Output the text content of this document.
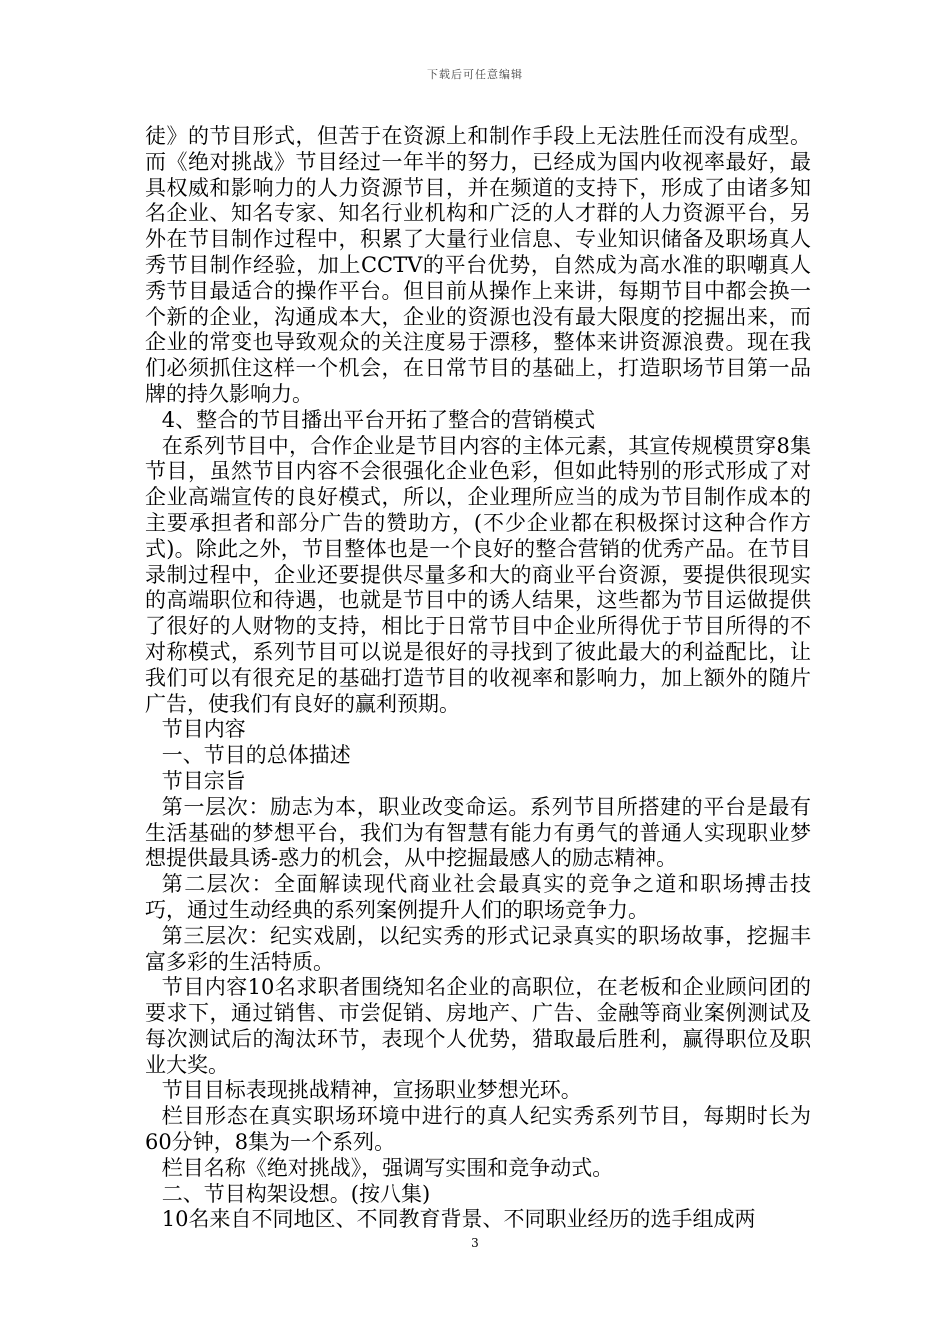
下载后可任意编辑

徒》的节目形式，但苦于在资源上和制作手段上无法胜任而没有成型。而《绝对挑战》节目经过一年半的努力，已经成为国内收视率最好，最具权威和影响力的人力资源节目，并在频道的支持下，形成了由诸多知名企业、知名专家、知名行业机构和广泛的人才群的人力资源平台，另外在节目制作过程中，积累了大量行业信息、专业知识储备及职场真人秀节目制作经验，加上CCTV的平台优势，自然成为高水准的职嘲真人秀节目最适合的操作平台。但目前从操作上来讲，每期节目中都会换一个新的企业，沟通成本大，企业的资源也没有最大限度的挖掘出来，而企业的常变也导致观众的关注度易于漂移，整体来讲资源浪费。现在我们必须抓住这样一个机会，在日常节目的基础上，打造职场节目第一品牌的持久影响力。

4、整合的节目播出平台开拓了整合的营销模式

在系列节目中，合作企业是节目内容的主体元素，其宣传规模贯穿8集节目，虽然节目内容不会很强化企业色彩，但如此特别的形式形成了对企业高端宣传的良好模式，所以，企业理所应当的成为节目制作成本的主要承担者和部分广告的赞助方，(不少企业都在积极探讨这种合作方式)。除此之外，节目整体也是一个良好的整合营销的优秀产品。在节目录制过程中，企业还要提供尽量多和大的商业平台资源，要提供很现实的高端职位和待遇，也就是节目中的诱人结果，这些都为节目运做提供了很好的人财物的支持，相比于日常节目中企业所得优于节目所得的不对称模式，系列节目可以说是很好的寻找到了彼此最大的利益配比，让我们可以有很充足的基础打造节目的收视率和影响力，加上额外的随片广告，使我们有良好的赢利预期。

节目内容

一、节目的总体描述

节目宗旨

第一层次：励志为本，职业改变命运。系列节目所搭建的平台是最有生活基础的梦想平台，我们为有智慧有能力有勇气的普通人实现职业梦想提供最具诱-惑力的机会，从中挖掘最感人的励志精神。

第二层次：全面解读现代商业社会最真实的竞争之道和职场搏击技巧，通过生动经典的系列案例提升人们的职场竞争力。

第三层次：纪实戏剧，以纪实秀的形式记录真实的职场故事，挖掘丰富多彩的生活特质。

节目内容10名求职者围绕知名企业的高职位，在老板和企业顾问团的要求下，通过销售、市尝促销、房地产、广告、金融等商业案例测试及每次测试后的淘汰环节，表现个人优势，猎取最后胜利，赢得职位及职业大奖。

节目目标表现挑战精神，宣扬职业梦想光环。

栏目形态在真实职场环境中进行的真人纪实秀系列节目，每期时长为60分钟，8集为一个系列。

栏目名称《绝对挑战》，强调写实围和竞争动式。

二、节目构架设想。(按八集)

10名来自不同地区、不同教育背景、不同职业经历的选手组成两

3
